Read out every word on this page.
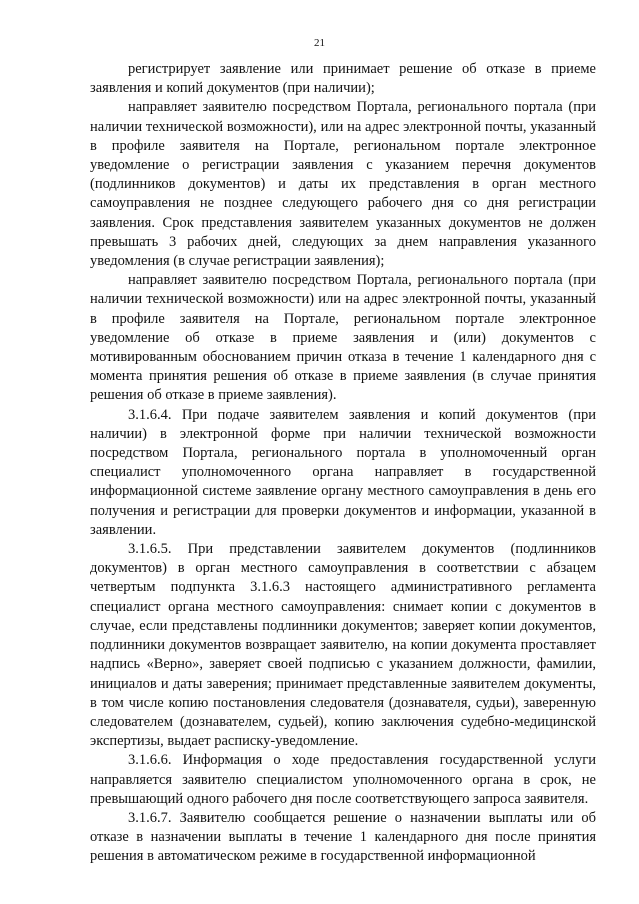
21

регистрирует заявление или принимает решение об отказе в приеме заявления и копий документов (при наличии);

направляет заявителю посредством Портала, регионального портала (при наличии технической возможности), или на адрес электронной почты, указанный в профиле заявителя на Портале, региональном портале электронное уведомление о регистрации заявления с указанием перечня документов (подлинников документов) и даты их представления в орган местного самоуправления не позднее следующего рабочего дня со дня регистрации заявления. Срок представления заявителем указанных документов не должен превышать 3 рабочих дней, следующих за днем направления указанного уведомления (в случае регистрации заявления);

направляет заявителю посредством Портала, регионального портала (при наличии технической возможности) или на адрес электронной почты, указанный в профиле заявителя на Портале, региональном портале электронное уведомление об отказе в приеме заявления и (или) документов с мотивированным обоснованием причин отказа в течение 1 календарного дня с момента принятия решения об отказе в приеме заявления (в случае принятия решения об отказе в приеме заявления).

3.1.6.4. При подаче заявителем заявления и копий документов (при наличии) в электронной форме при наличии технической возможности посредством Портала, регионального портала в уполномоченный орган специалист уполномоченного органа направляет в государственной информационной системе заявление органу местного самоуправления в день его получения и регистрации для проверки документов и информации, указанной в заявлении.

3.1.6.5. При представлении заявителем документов (подлинников документов) в орган местного самоуправления в соответствии с абзацем четвертым подпункта 3.1.6.3 настоящего административного регламента специалист органа местного самоуправления: снимает копии с документов в случае, если представлены подлинники документов; заверяет копии документов, подлинники документов возвращает заявителю, на копии документа проставляет надпись «Верно», заверяет своей подписью с указанием должности, фамилии, инициалов и даты заверения; принимает представленные заявителем документы, в том числе копию постановления следователя (дознавателя, судьи), заверенную следователем (дознавателем, судьей), копию заключения судебно-медицинской экспертизы, выдает расписку-уведомление.

3.1.6.6. Информация о ходе предоставления государственной услуги направляется заявителю специалистом уполномоченного органа в срок, не превышающий одного рабочего дня после соответствующего запроса заявителя.

3.1.6.7. Заявителю сообщается решение о назначении выплаты или об отказе в назначении выплаты в течение 1 календарного дня после принятия решения в автоматическом режиме в государственной информационной
